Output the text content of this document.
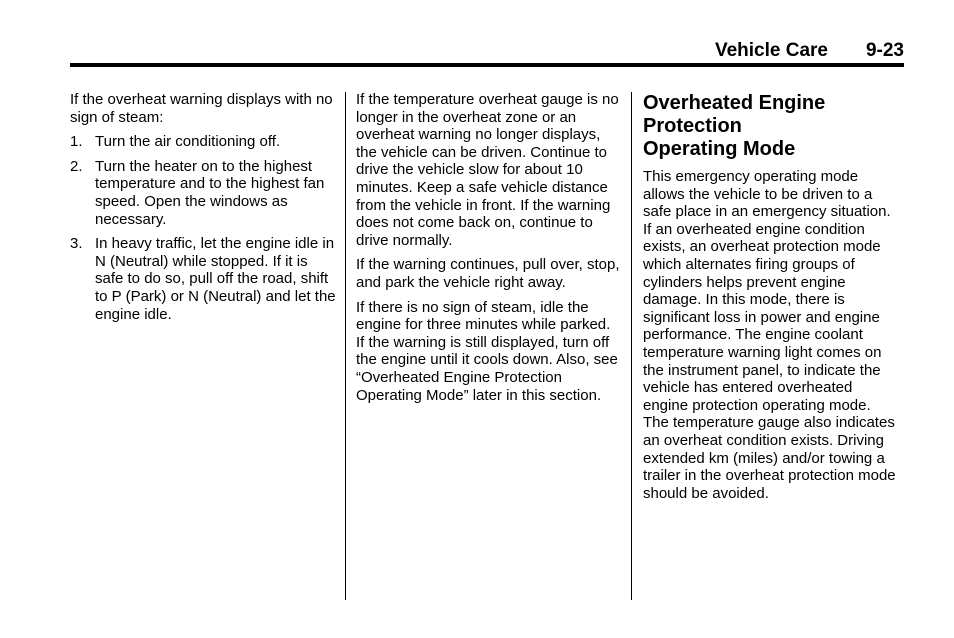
Vehicle Care 9-23

If the overheat warning displays with no sign of steam:

1. Turn the air conditioning off.
2. Turn the heater on to the highest temperature and to the highest fan speed. Open the windows as necessary.
3. In heavy traffic, let the engine idle in N (Neutral) while stopped. If it is safe to do so, pull off the road, shift to P (Park) or N (Neutral) and let the engine idle.

If the temperature overheat gauge is no longer in the overheat zone or an overheat warning no longer displays, the vehicle can be driven. Continue to drive the vehicle slow for about 10 minutes. Keep a safe vehicle distance from the vehicle in front. If the warning does not come back on, continue to drive normally.

If the warning continues, pull over, stop, and park the vehicle right away.

If there is no sign of steam, idle the engine for three minutes while parked. If the warning is still displayed, turn off the engine until it cools down. Also, see “Overheated Engine Protection Operating Mode” later in this section.

Overheated Engine
Protection
Operating Mode

This emergency operating mode allows the vehicle to be driven to a safe place in an emergency situation. If an overheated engine condition exists, an overheat protection mode which alternates firing groups of cylinders helps prevent engine damage. In this mode, there is significant loss in power and engine performance. The engine coolant temperature warning light comes on the instrument panel, to indicate the vehicle has entered overheated engine protection operating mode. The temperature gauge also indicates an overheat condition exists. Driving extended km (miles) and/or towing a trailer in the overheat protection mode should be avoided.
